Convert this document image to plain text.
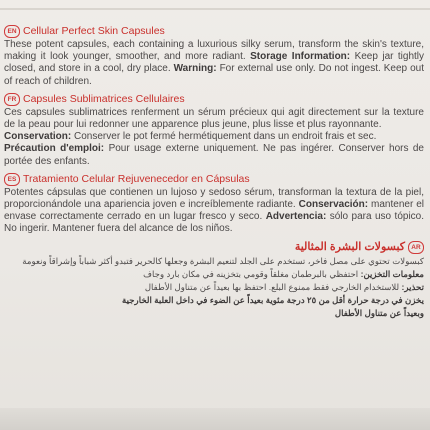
EN Cellular Perfect Skin Capsules
These potent capsules, each containing a luxurious silky serum, transform the skin's texture, making it look younger, smoother, and more radiant. Storage Information: Keep jar tightly closed, and store in a cool, dry place. Warning: For external use only. Do not ingest. Keep out of reach of children.
FR Capsules Sublimatrices Cellulaires
Ces capsules sublimatrices renferment un sérum précieux qui agit directement sur la texture de la peau pour lui redonner une apparence plus jeune, plus lisse et plus rayonnante.
Conservation: Conserver le pot fermé hermétiquement dans un endroit frais et sec.
Précaution d'emploi: Pour usage externe uniquement. Ne pas ingérer. Conserver hors de portée des enfants.
ES Tratamiento Celular Rejuvenecedor en Cápsulas
Potentes cápsulas que contienen un lujoso y sedoso sérum, transforman la textura de la piel, proporcionándole una apariencia joven e increíblemente radiante. Conservación: mantener el envase correctamente cerrado en un lugar fresco y seco. Advertencia: sólo para uso tópico. No ingerir. Mantener fuera del alcance de los niños.
AR
كبسولات البشرة المثالية
كبسولات تحتوي على مصل فاخر، تستخدم على الجلد لتنعيم البشرة وجعلها كالحرير فتبدو أكثر شباباً وإشراقاً ونعومة
معلومات التخزين: احتفظي بالبرطمان مغلقاً وقومي بتخزينه في مكان بارد وجاف
تحذير: للاستخدام الخارجي فقط ممنوع البلع. احتفظ بها بعيداً عن متناول الأطفال
يخزن في درجة حرارة أقل من ٢٥ درجة مئوية بعيداً عن الضوء في داخل العلبة الخارجية
وبعيداً عن متناول الأطفال
